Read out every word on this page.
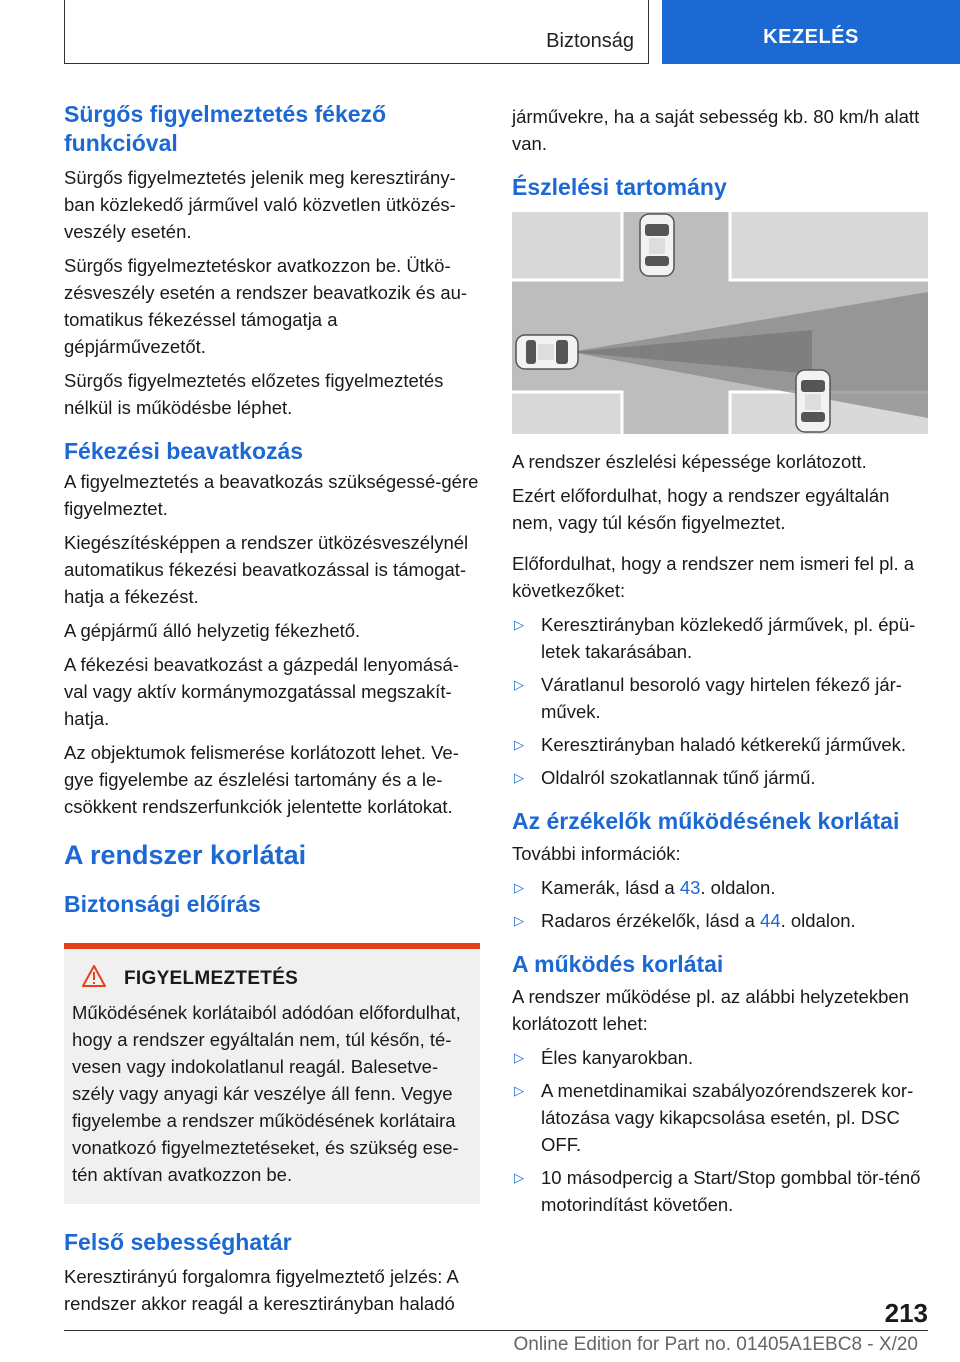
Biztonság	KEZELÉS
Sürgős figyelmeztetés fékező funkcióval

Sürgős figyelmeztetés jelenik meg keresztirány-ban közlekedő járművel való közvetlen ütközés-veszély esetén.

Sürgős figyelmeztetéskor avatkozzon be. Ütkö-zésveszély esetén a rendszer beavatkozik és au-tomatikus fékezéssel támogatja a gépjárművezetőt.

Sürgős figyelmeztetés előzetes figyelmeztetés nélkül is működésbe léphet.

Fékezési beavatkozás

A figyelmeztetés a beavatkozás szükségessé-gére figyelmeztet.

Kiegészítésképpen a rendszer ütközésveszélynél automatikus fékezési beavatkozással is támogat-hatja a fékezést.

A gépjármű álló helyzetig fékezhető.

A fékezési beavatkozást a gázpedál lenyomásá-val vagy aktív kormánymozgatással megszakít-hatja.

Az objektumok felismerése korlátozott lehet. Ve-gye figyelembe az észlelési tartomány és a le-csökkent rendszerfunkciók jelentette korlátokat.

A rendszer korlátai
Biztonsági előírás
FIGYELMEZTETÉS

Működésének korlátaiból adódóan előfordulhat, hogy a rendszer egyáltalán nem, túl későn, té-vesen vagy indokolatlanul reagál. Balesetve-szély vagy anyagi kár veszélye áll fenn. Vegye figyelembe a rendszer működésének korlátaira vonatkozó figyelmeztetéseket, és szükség ese-tén aktívan avatkozzon be.

Felső sebességhatár

Keresztirányú forgalomra figyelmeztető jelzés: A rendszer akkor reagál a keresztirányban haladó

járművekre, ha a saját sebesség kb. 80 km/h alatt van.

Észlelési tartomány

A rendszer észlelési képessége korlátozott.

Ezért előfordulhat, hogy a rendszer egyáltalán nem, vagy túl későn figyelmeztet.

Előfordulhat, hogy a rendszer nem ismeri fel pl. a következőket:

▷ Keresztirányban közlekedő járművek, pl. épü-letek takarásában.
▷ Váratlanul besoroló vagy hirtelen fékező jár-művek.
▷ Keresztirányban haladó kétkerekű járművek.
▷ Oldalról szokatlannak tűnő jármű.
Az érzékelők működésének korlátai

További információk:

▷ Kamerák, lásd a 43. oldalon.
▷ Radaros érzékelők, lásd a 44. oldalon.
A működés korlátai

A rendszer működése pl. az alábbi helyzetekben korlátozott lehet:

▷ Éles kanyarokban.
▷ A menetdinamikai szabályozórendszerek kor-látozása vagy kikapcsolása esetén, pl. DSC OFF.
▷ 10 másodpercig a Start/Stop gombbal tör-ténő motorindítást követően.
213
Online Edition for Part no. 01405A1EBC8 - X/20
